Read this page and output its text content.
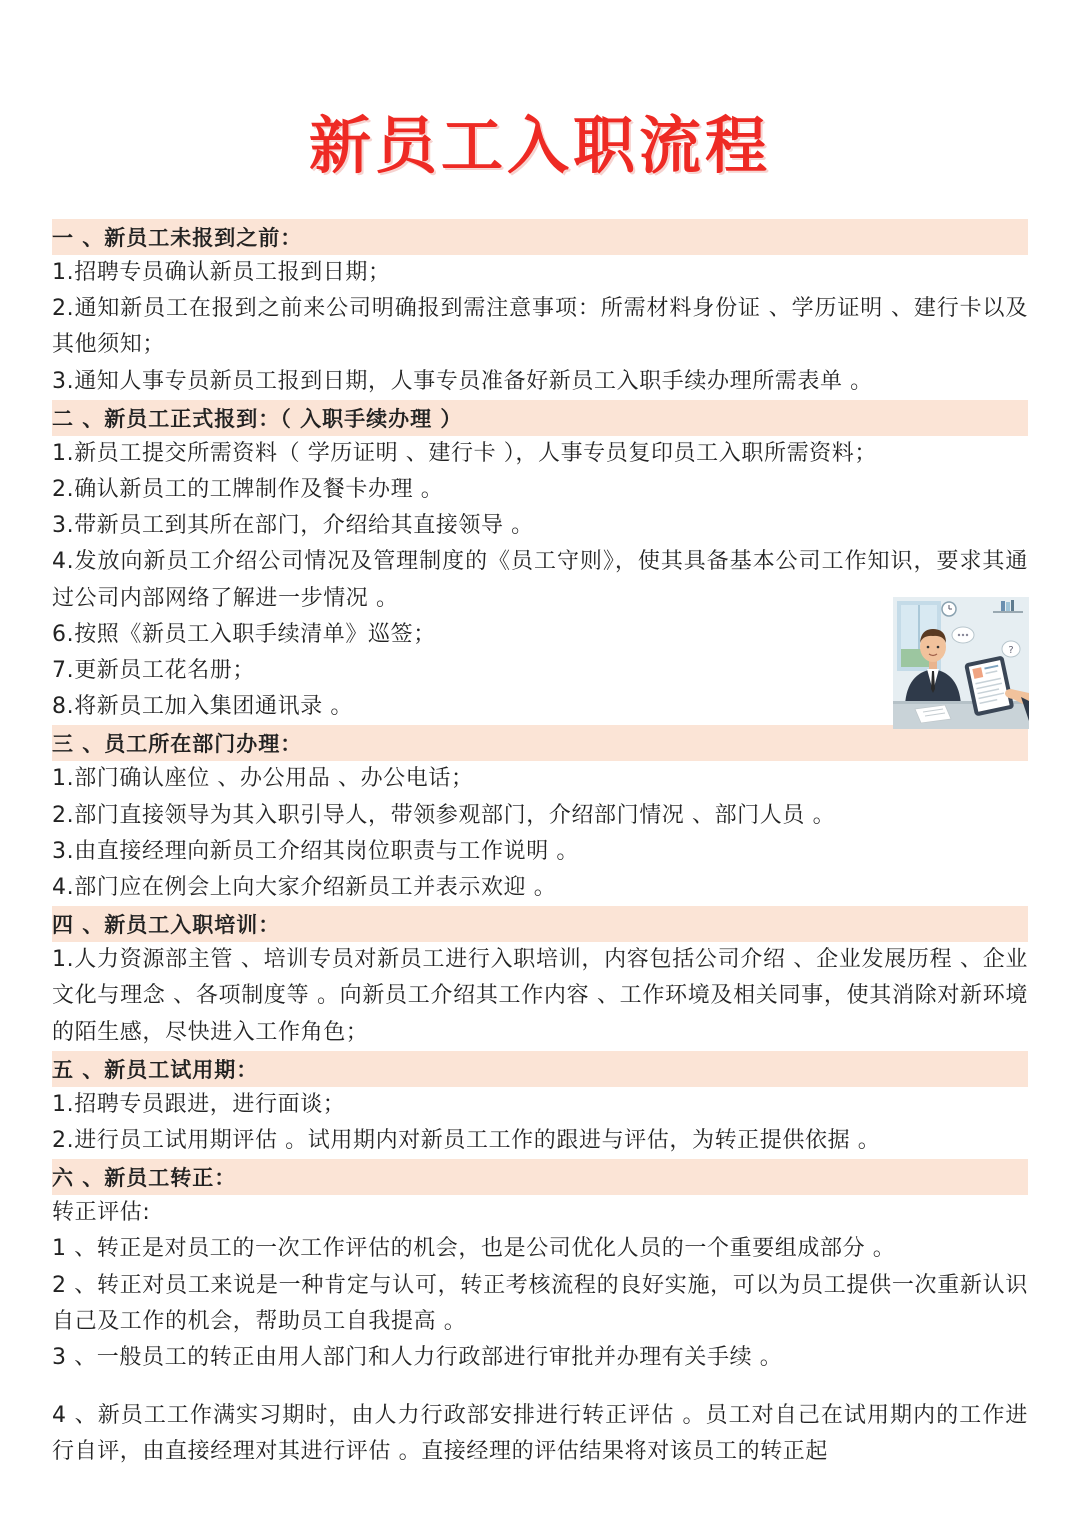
新员工入职流程
一 、新员工未报到之前：
1.招聘专员确认新员工报到日期；
2.通知新员工在报到之前来公司明确报到需注意事项：所需材料身份证 、学历证明 、建行卡以及其他须知；
3.通知人事专员新员工报到日期，人事专员准备好新员工入职手续办理所需表单 。
二 、新员工正式报到：（ 入职手续办理 ）
1.新员工提交所需资料（ 学历证明 、建行卡 ），人事专员复印员工入职所需资料；
2.确认新员工的工牌制作及餐卡办理 。
3.带新员工到其所在部门，介绍给其直接领导 。
4.发放向新员工介绍公司情况及管理制度的《员工守则》，使其具备基本公司工作知识，要求其通过公司内部网络了解进一步情况 。
6.按照《新员工入职手续清单》巡签；
7.更新员工花名册；
8.将新员工加入集团通讯录 。
三 、员工所在部门办理：
1.部门确认座位 、办公用品 、办公电话；
2.部门直接领导为其入职引导人，带领参观部门，介绍部门情况 、部门人员 。
3.由直接经理向新员工介绍其岗位职责与工作说明 。
4.部门应在例会上向大家介绍新员工并表示欢迎 。
四 、新员工入职培训：
1.人力资源部主管 、培训专员对新员工进行入职培训，内容包括公司介绍 、企业发展历程 、企业文化与理念 、各项制度等 。向新员工介绍其工作内容 、工作环境及相关同事，使其消除对新环境的陌生感，尽快进入工作角色；
五 、新员工试用期：
1.招聘专员跟进，进行面谈；
2.进行员工试用期评估 。试用期内对新员工工作的跟进与评估，为转正提供依据 。
六 、新员工转正：
转正评估:
1 、转正是对员工的一次工作评估的机会，也是公司优化人员的一个重要组成部分 。
2 、转正对员工来说是一种肯定与认可，转正考核流程的良好实施，可以为员工提供一次重新认识自己及工作的机会，帮助员工自我提高 。
3 、一般员工的转正由用人部门和人力行政部进行审批并办理有关手续 。
4 、新员工工作满实习期时，由人力行政部安排进行转正评估 。员工对自己在试用期内的工作进行自评，由直接经理对其进行评估 。直接经理的评估结果将对该员工的转正起
?
